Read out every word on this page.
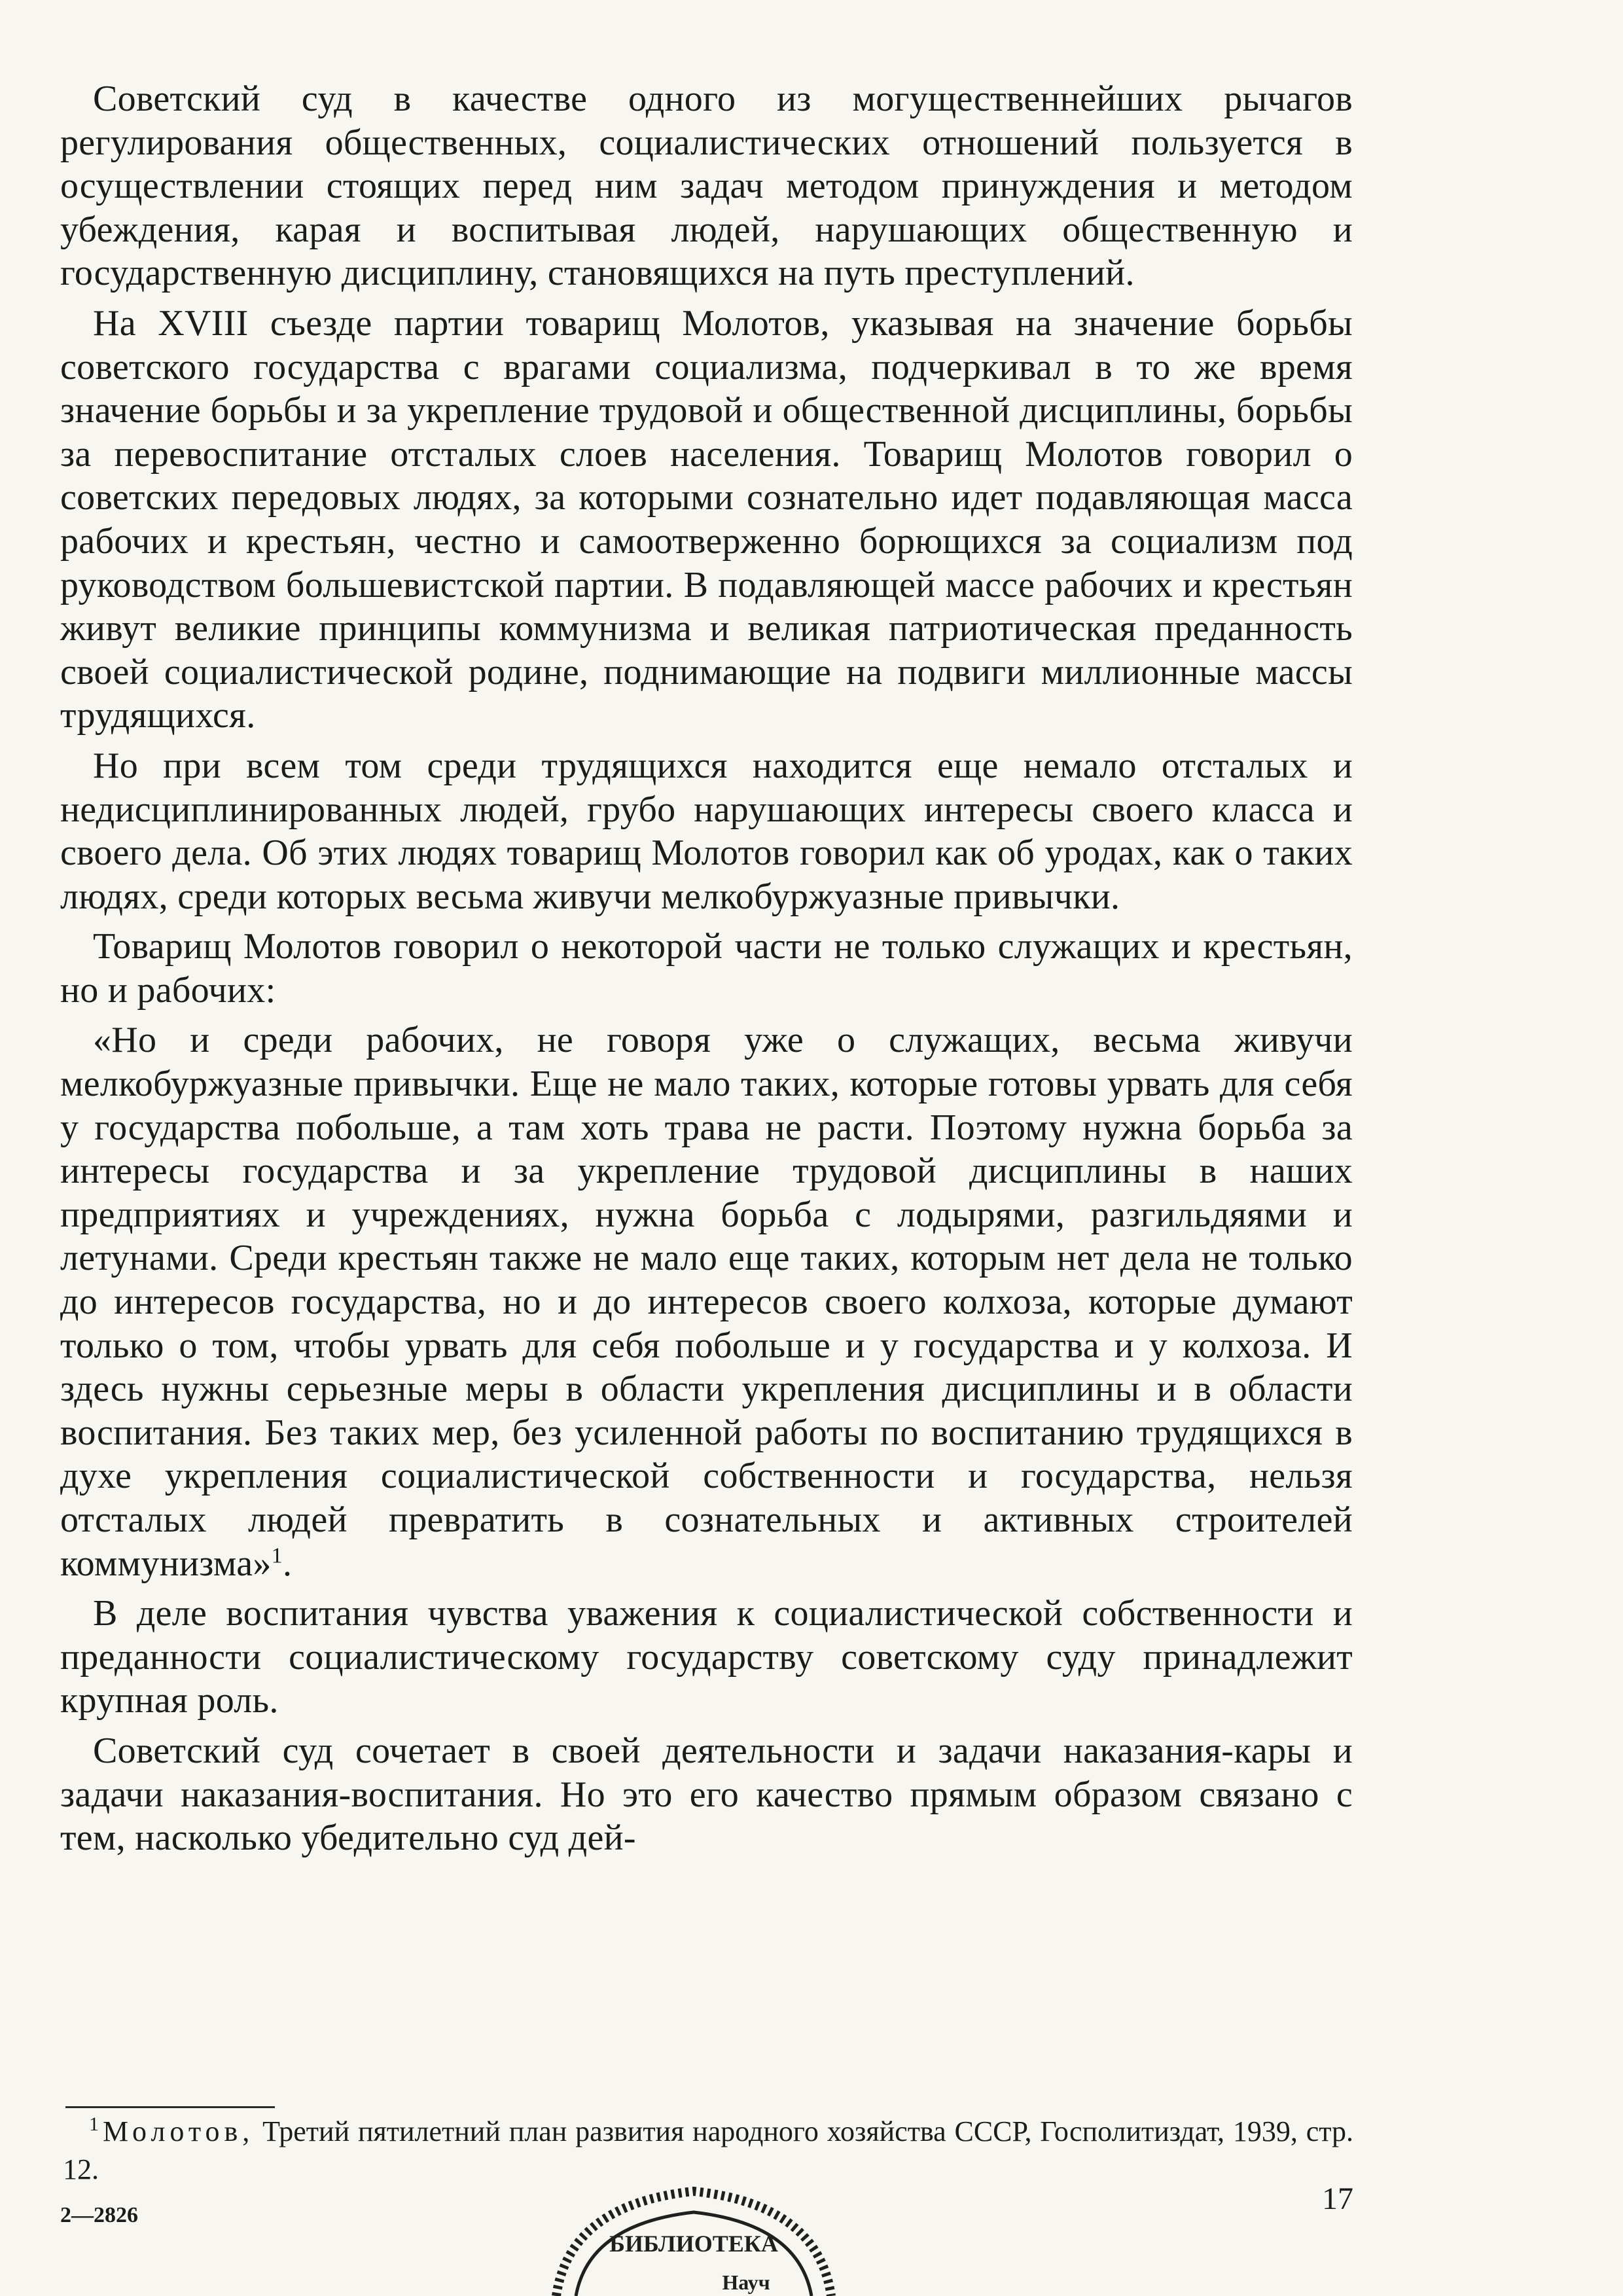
Советский суд в качестве одного из могущественнейших рычагов регулирования общественных, социалистических отношений пользуется в осуществлении стоящих перед ним задач методом принуждения и методом убеждения, карая и воспитывая людей, нарушающих общественную и государственную дисциплину, становящихся на путь преступлений.

На XVIII съезде партии товарищ Молотов, указывая на значение борьбы советского государства с врагами социализма, подчеркивал в то же время значение борьбы и за укрепление трудовой и общественной дисциплины, борьбы за перевоспитание отсталых слоев населения. Товарищ Молотов говорил о советских передовых людях, за которыми сознательно идет подавляющая масса рабочих и крестьян, честно и самоотверженно борющихся за социализм под руководством большевистской партии. В подавляющей массе рабочих и крестьян живут великие принципы коммунизма и великая патриотическая преданность своей социалистической родине, поднимающие на подвиги миллионные массы трудящихся.

Но при всем том среди трудящихся находится еще немало отсталых и недисциплинированных людей, грубо нарушающих интересы своего класса и своего дела. Об этих людях товарищ Молотов говорил как об уродах, как о таких людях, среди которых весьма живучи мелкобуржуазные привычки.

Товарищ Молотов говорил о некоторой части не только служащих и крестьян, но и рабочих:

«Но и среди рабочих, не говоря уже о служащих, весьма живучи мелкобуржуазные привычки. Еще не мало таких, которые готовы урвать для себя у государства побольше, а там хоть трава не расти. Поэтому нужна борьба за интересы государства и за укрепление трудовой дисциплины в наших предприятиях и учреждениях, нужна борьба с лодырями, разгильдяями и летунами. Среди крестьян также не мало еще таких, которым нет дела не только до интересов государства, но и до интересов своего колхоза, которые думают только о том, чтобы урвать для себя побольше и у государства и у колхоза. И здесь нужны серьезные меры в области укрепления дисциплины и в области воспитания. Без таких мер, без усиленной работы по воспитанию трудящихся в духе укрепления социалистической собственности и государства, нельзя отсталых людей превратить в сознательных и активных строителей коммунизма»$^1$.

В деле воспитания чувства уважения к социалистической собственности и преданности социалистическому государству советскому суду принадлежит крупная роль.

Советский суд сочетает в своей деятельности и задачи наказания-кары и задачи наказания-воспитания. Но это его качество прямым образом связано с тем, насколько убедительно суд дей-

$^1$ Молотов, Третий пятилетний план развития народного хозяйства СССР, Госполитиздат, 1939, стр. 12.
2—2826
БИБЛИОТЕКА
Науч
17
